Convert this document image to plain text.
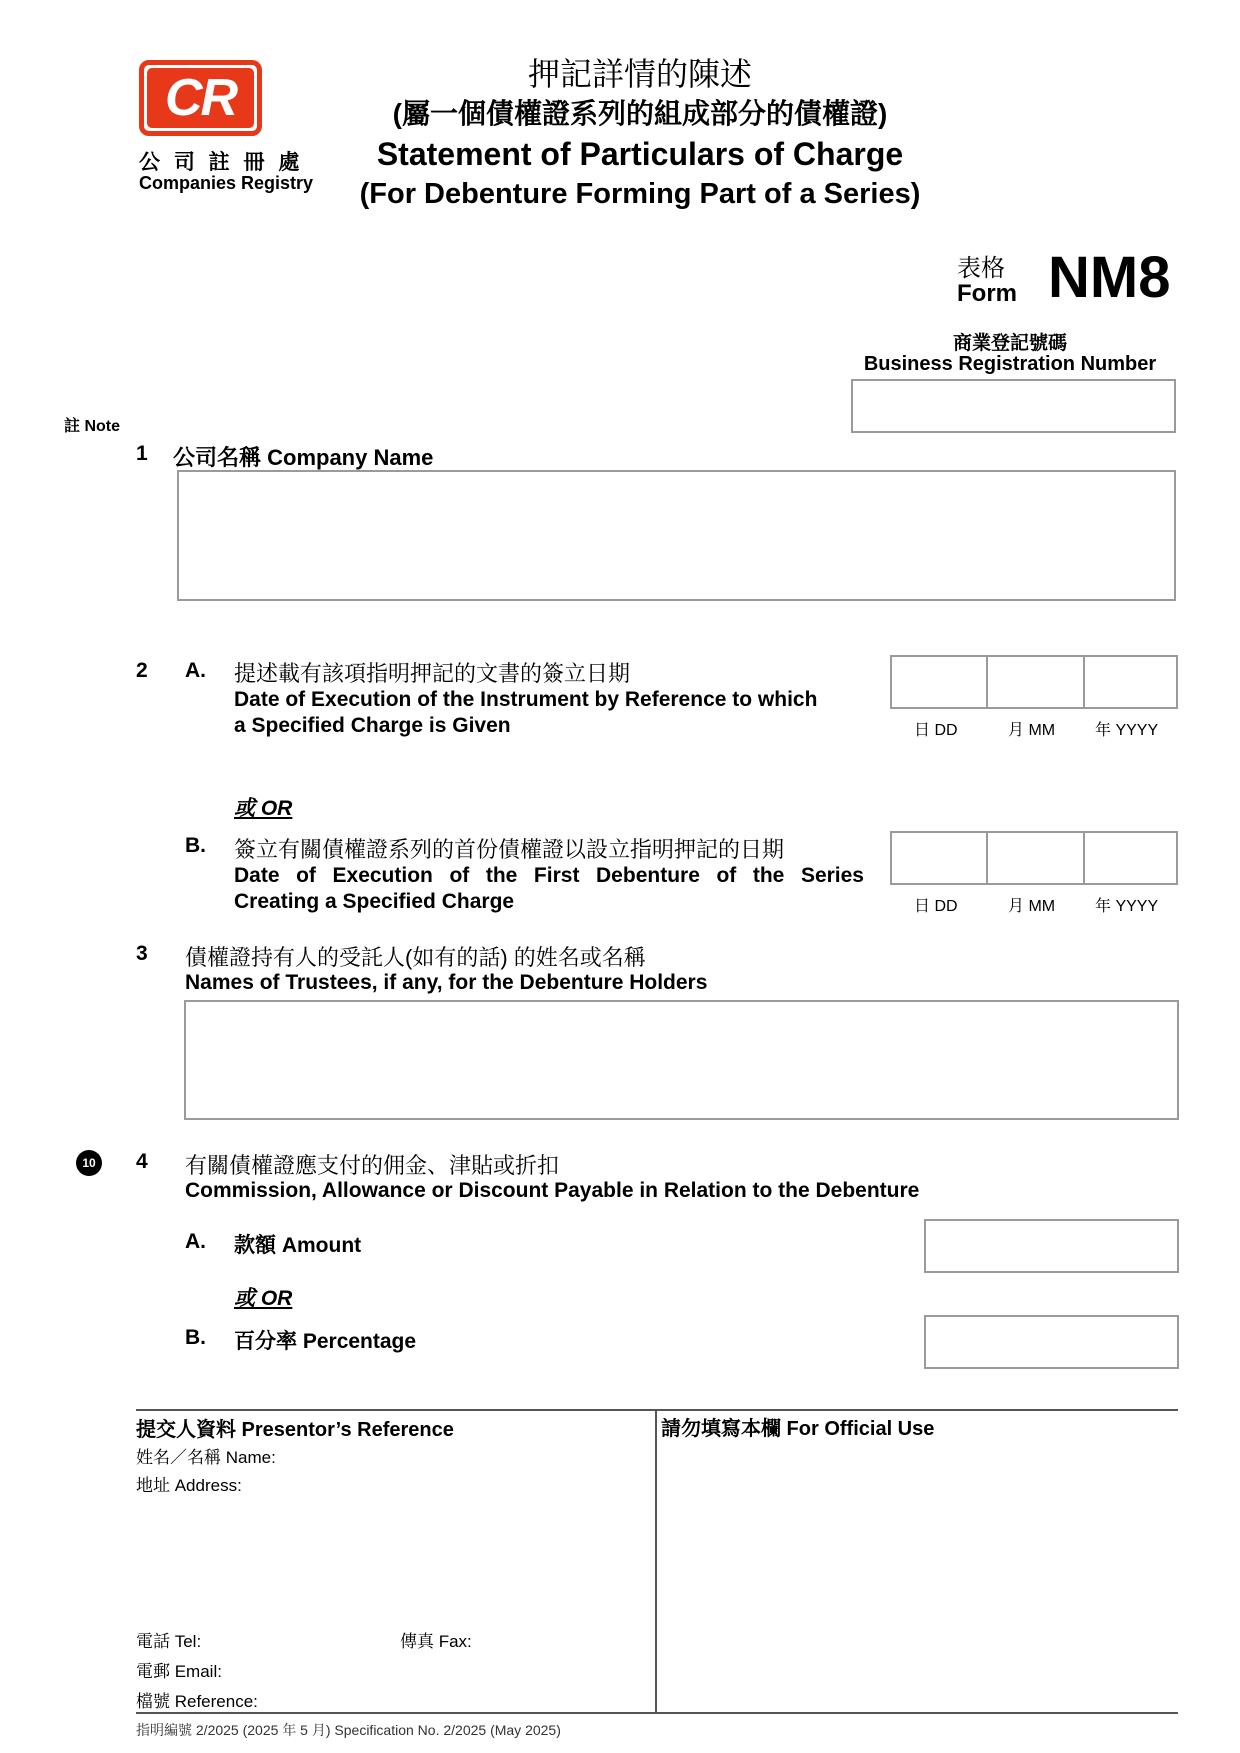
CR
公 司 註 冊 處
Companies Registry
押記詳情的陳述
(屬一個債權證系列的組成部分的債權證)
Statement of Particulars of Charge
(For Debenture Forming Part of a Series)
表格
Form NM8
商業登記號碼
Business Registration Number
註 Note
1 公司名稱 Company Name
2 A. 提述載有該項指明押記的文書的簽立日期
Date of Execution of the Instrument by Reference to which
a Specified Charge is Given	日 DD	月 MM 年 YYYY
或 OR
B. 簽立有關債權證系列的首份債權證以設立指明押記的日期
Date of Execution of the First Debenture of the Series
Creating a Specified Charge	日 DD	月 MM 年 YYYY
3 債權證持有人的受託人(如有的話) 的姓名或名稱
Names of Trustees, if any, for the Debenture Holders
10 4 有關債權證應支付的佣金、津貼或折扣
Commission, Allowance or Discount Payable in Relation to the Debenture
A. 款額 Amount
或 OR
B. 百分率 Percentage
提交人資料 Presentor’s Reference
姓名／名稱 Name:
地址 Address:
電話 Tel:	傳真 Fax:
電郵 Email:
檔號 Reference:
請勿填寫本欄 For Official Use
指明編號 2/2025 (2025 年 5 月) Specification No. 2/2025 (May 2025)
